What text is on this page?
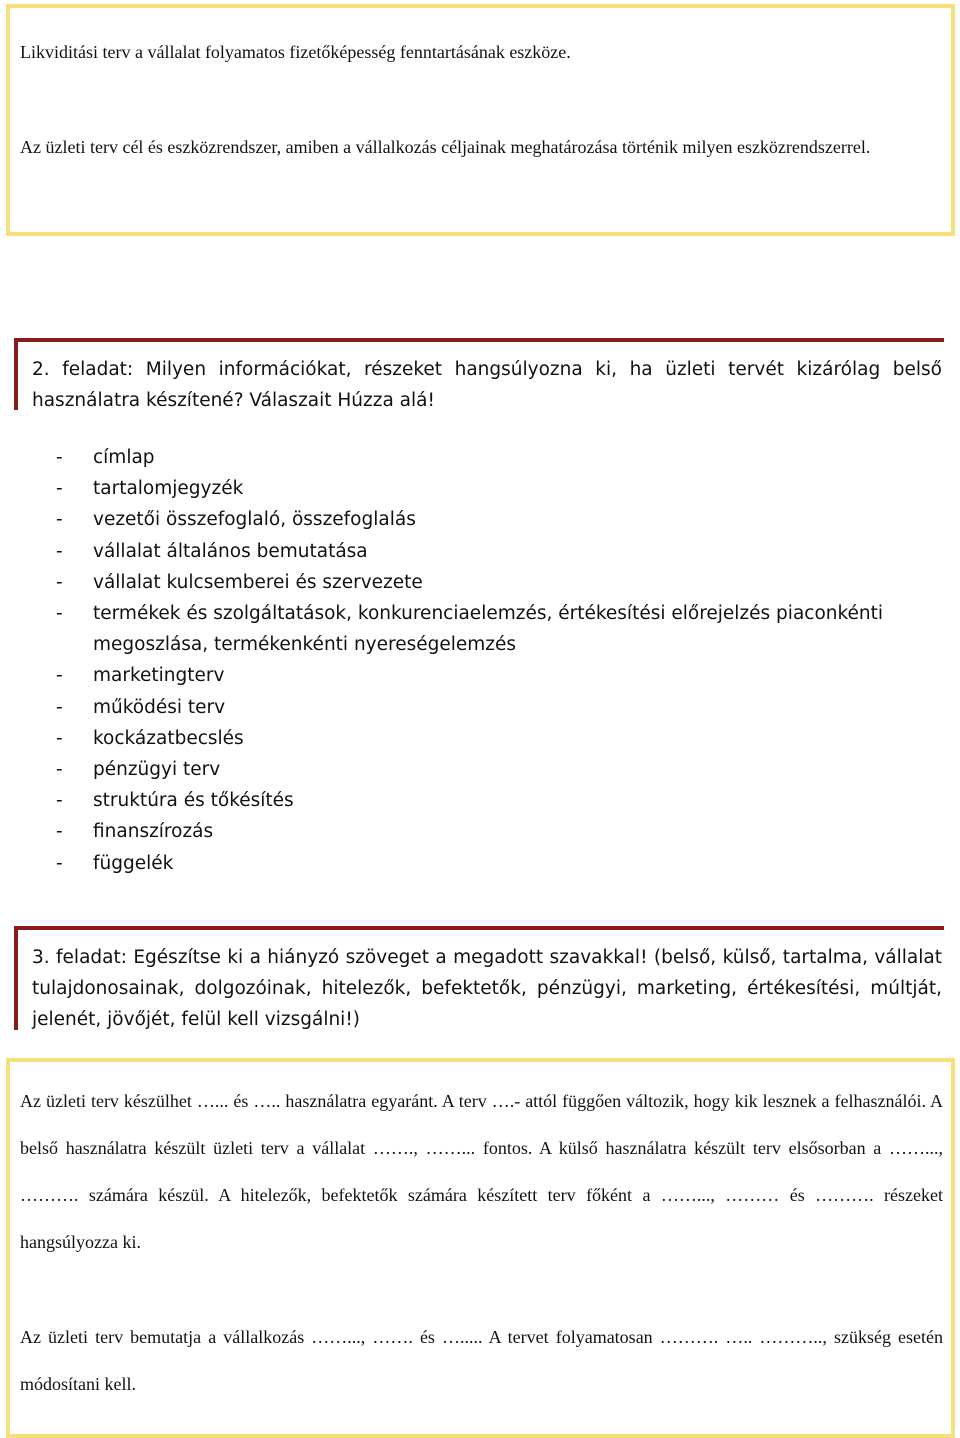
Likviditási terv a vállalat folyamatos fizetőképesség fenntartásának eszköze.

Az üzleti terv cél és eszközrendszer, amiben a vállalkozás céljainak meghatározása történik milyen eszközrendszerrel.

2. feladat: Milyen információkat, részeket hangsúlyozna ki, ha üzleti tervét kizárólag belső használatra készítené? Válaszait Húzza alá!
- címlap
- tartalomjegyzék
- vezetői összefoglaló, összefoglalás
- vállalat általános bemutatása
- vállalat kulcsemberei és szervezete
- termékek és szolgáltatások, konkurenciaelemzés, értékesítési előrejelzés piaconkénti megoszlása, termékenkénti nyereségelemzés
- marketingterv
- működési terv
- kockázatbecslés
- pénzügyi terv
- struktúra és tőkésítés
- finanszírozás
- függelék
3. feladat: Egészítse ki a hiányzó szöveget a megadott szavakkal! (belső, külső, tartalma, vállalat tulajdonosainak, dolgozóinak, hitelezők, befektetők, pénzügyi, marketing, értékesítési, múltját, jelenét, jövőjét, felül kell vizsgálni!)

Az üzleti terv készülhet …... és ….. használatra egyaránt. A terv ….- attól függően változik, hogy kik lesznek a felhasználói. A belső használatra készült üzleti terv a vállalat ……., ……... fontos. A külső használatra készült terv elsősorban a ……..., ………. számára készül. A hitelezők, befektetők számára készített terv főként a ……..., ……… és ………. részeket hangsúlyozza ki.

Az üzleti terv bemutatja a vállalkozás ……..., ……. és …..... A tervet folyamatosan ………. ….. ……….., szükség esetén módosítani kell.
